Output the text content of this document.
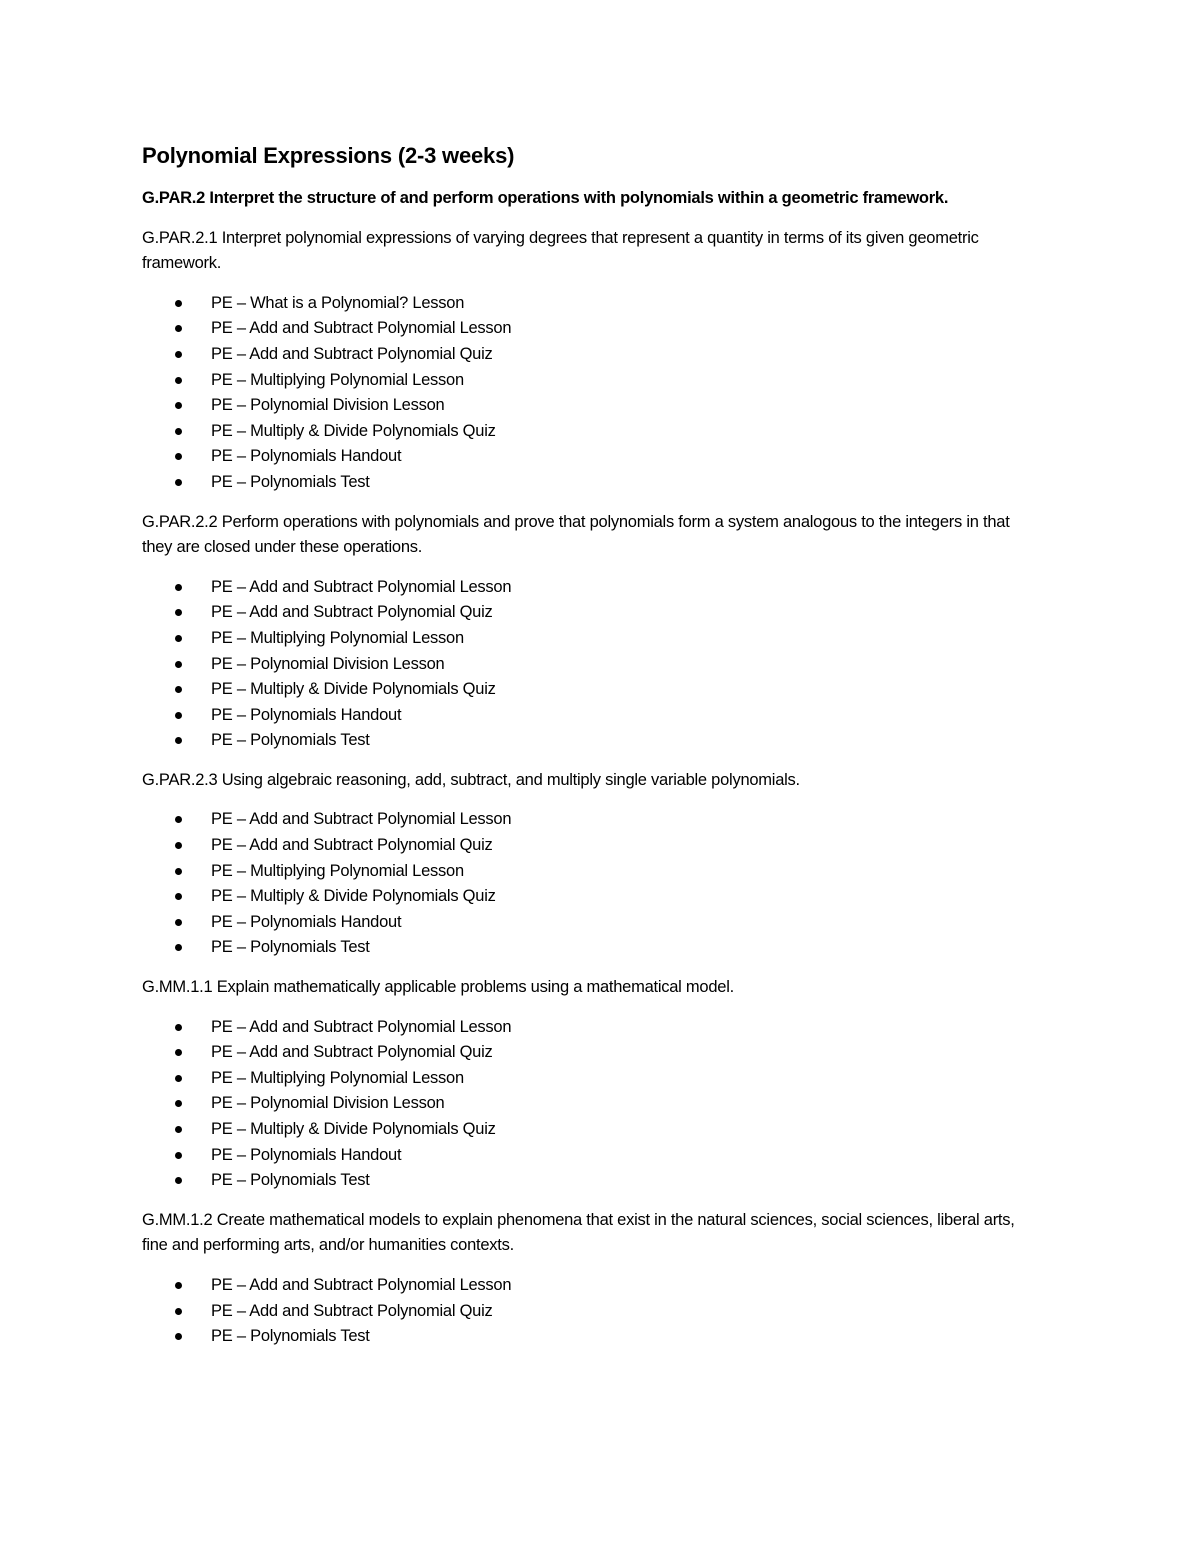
Polynomial Expressions (2-3 weeks)

G.PAR.2 Interpret the structure of and perform operations with polynomials within a geometric framework.

G.PAR.2.1 Interpret polynomial expressions of varying degrees that represent a quantity in terms of its given geometric framework.

PE – What is a Polynomial? Lesson
PE – Add and Subtract Polynomial Lesson
PE – Add and Subtract Polynomial Quiz
PE – Multiplying Polynomial Lesson
PE – Polynomial Division Lesson
PE – Multiply & Divide Polynomials Quiz
PE – Polynomials Handout
PE – Polynomials Test

G.PAR.2.2 Perform operations with polynomials and prove that polynomials form a system analogous to the integers in that they are closed under these operations.

PE – Add and Subtract Polynomial Lesson
PE – Add and Subtract Polynomial Quiz
PE – Multiplying Polynomial Lesson
PE – Polynomial Division Lesson
PE – Multiply & Divide Polynomials Quiz
PE – Polynomials Handout
PE – Polynomials Test

G.PAR.2.3 Using algebraic reasoning, add, subtract, and multiply single variable polynomials.

PE – Add and Subtract Polynomial Lesson
PE – Add and Subtract Polynomial Quiz
PE – Multiplying Polynomial Lesson
PE – Multiply & Divide Polynomials Quiz
PE – Polynomials Handout
PE – Polynomials Test

G.MM.1.1 Explain mathematically applicable problems using a mathematical model.

PE – Add and Subtract Polynomial Lesson
PE – Add and Subtract Polynomial Quiz
PE – Multiplying Polynomial Lesson
PE – Polynomial Division Lesson
PE – Multiply & Divide Polynomials Quiz
PE – Polynomials Handout
PE – Polynomials Test

G.MM.1.2 Create mathematical models to explain phenomena that exist in the natural sciences, social sciences, liberal arts, fine and performing arts, and/or humanities contexts.

PE – Add and Subtract Polynomial Lesson
PE – Add and Subtract Polynomial Quiz
PE – Polynomials Test
